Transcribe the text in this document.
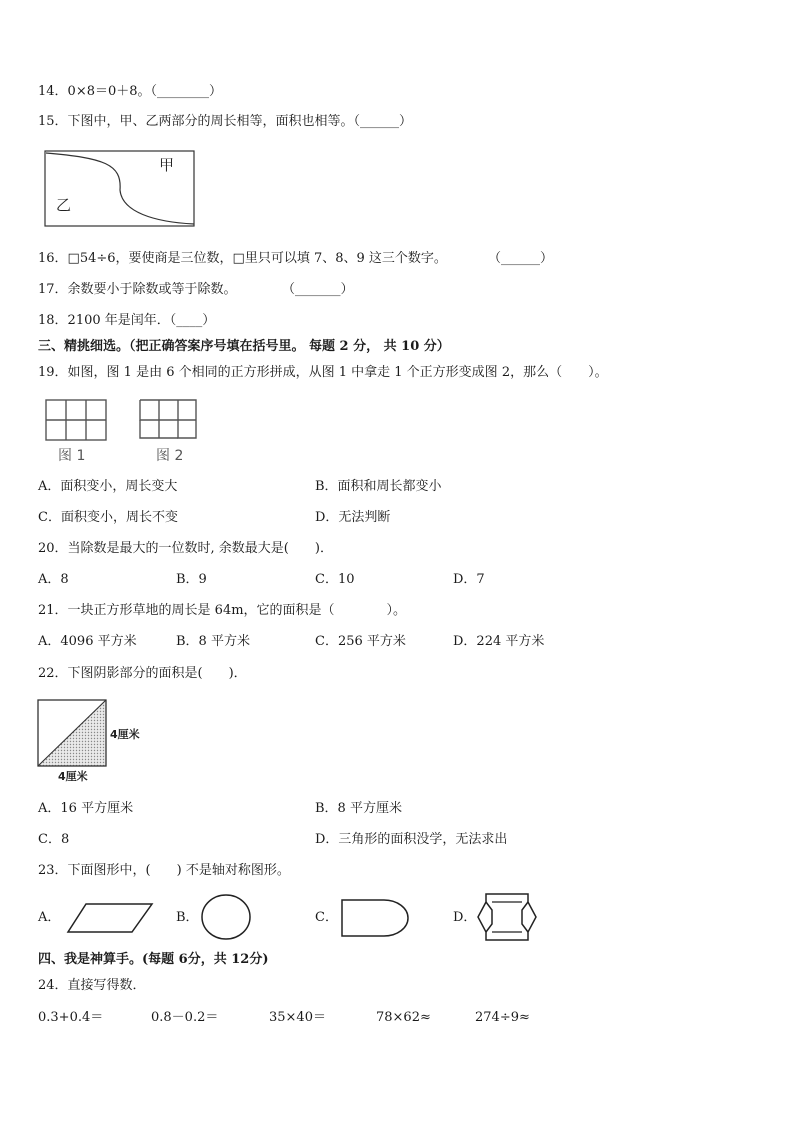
14．0×8＝0＋8。（________）
15．下图中，甲、乙两部分的周长相等，面积也相等。（______）
甲
乙
16．□54÷6，要使商是三位数，□里只可以填 7、8、9 这三个数字。	（______）
17．余数要小于除数或等于除数。	（_______）
18．2100 年是闰年．（____）
三、精挑细选。（把正确答案序号填在括号里。 每题 2 分， 共 10 分）
19．如图，图 1 是由 6 个相同的正方形拼成，从图 1 中拿走 1 个正方形变成图 2，那么（　　）。
图 1	图 2
A．面积变小，周长变大	B．面积和周长都变小
C．面积变小，周长不变	D．无法判断
20．当除数是最大的一位数时, 余数最大是(　　)．
A．8	B．9	C．10	D．7
21．一块正方形草地的周长是 64m，它的面积是（　　　　）。
A．4096 平方米	B．8 平方米	C．256 平方米	D．224 平方米
22．下图阴影部分的面积是(　　)．
4厘米
4厘米
A．16 平方厘米	B．8 平方厘米
C．8	D．三角形的面积没学，无法求出
23．下面图形中，(　　) 不是轴对称图形。
A．	B．	C．	D．
四、我是神算手。(每题 6分，共 12分)
24．直接写得数．
0.3+0.4＝	0.8－0.2＝	35×40＝	78×62≈	274÷9≈
